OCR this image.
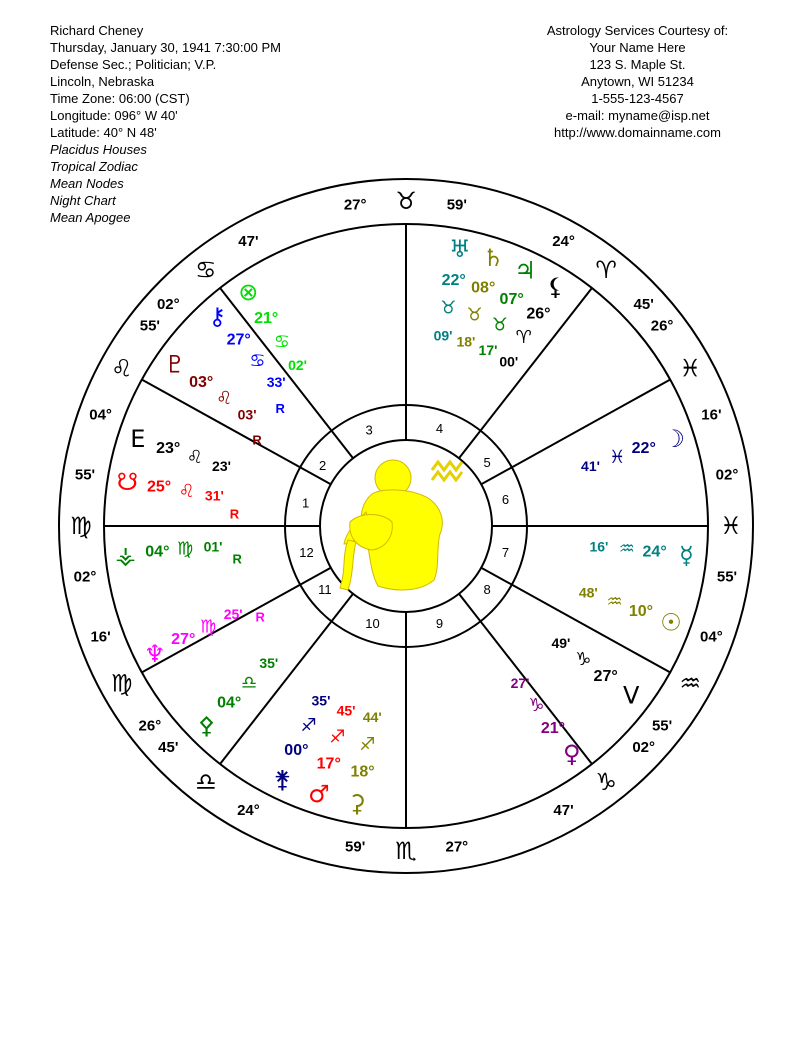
Richard Cheney
Thursday, January 30, 1941 7:30:00 PM
Defense Sec.; Politician; V.P.
Lincoln, Nebraska
Time Zone: 06:00 (CST)
Longitude: 096° W 40'
Latitude: 40° N 48'
Placidus Houses
Tropical Zodiac
Mean Nodes
Night Chart
Mean Apogee
Astrology Services Courtesy of:
Your Name Here
123 S. Maple St.
Anytown, WI 51234
1-555-123-4567
e-mail: myname@isp.net
http://www.domainname.com
1
2
3	4
5
6
7
8
9
10
11
12
27° ♉ 59'
24°
♈
45'
26°
♓
16'
02°
♓
55'
04°
♒
55'
02°
♑
47'
27°
♏
59'
24°
♎
45'
26°
♍
16'
02°
♍
55'
04°
♌
55'
02°
♋
47'	♅
22°
♉
09'
♄
08°
♉
18'
♃
07°
♉
17'
⚸
26°
♈
00'
☽
22°
♓
41'
☿
24°
♒
16'
☉
10°
♒
48'
V
27°
♑
49'
♀
21°
♑
27'
⚳
18°
♐
44'
♂
17°
♐
45'
⚵
00°
♐
35'
⚴
04°
♎
35'
♆
27°
♍
25' R
⚶ 04° ♍ 01'
R
☋ 25° ♌ 31'
R
E 23° ♌ 23'
♇
03°
♌
03'
R
⚷
27°
♋
33'
R
⊗
21°
♋
02'
